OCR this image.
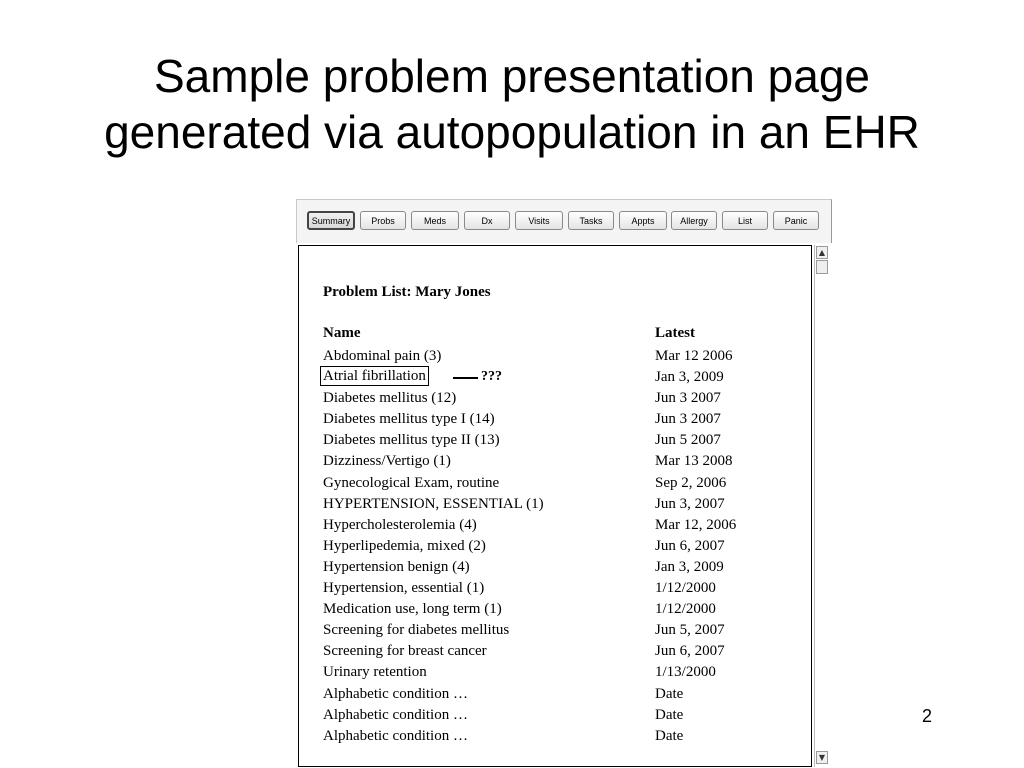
Sample problem presentation page
generated via autopopulation in an EHR
Summary	Probs	Meds	Dx	Visits	Tasks	Appts	Allergy	List	Panic
Problem List: Mary Jones
Name	Latest
Abdominal pain (3)	Mar 12 2006
Atrial fibrillation	???	Jan 3, 2009
Diabetes mellitus (12)	Jun 3 2007
Diabetes mellitus type I (14)	Jun 3 2007
Diabetes mellitus type II (13)	Jun 5 2007
Dizziness/Vertigo (1)	Mar 13 2008
Gynecological Exam, routine	Sep 2, 2006
HYPERTENSION, ESSENTIAL (1)	Jun 3, 2007
Hypercholesterolemia (4)	Mar 12, 2006
Hyperlipedemia, mixed (2)	Jun 6, 2007
Hypertension benign (4)	Jan 3, 2009
Hypertension, essential (1)	1/12/2000
Medication use, long term (1)	1/12/2000
Screening for diabetes mellitus	Jun 5, 2007
Screening for breast cancer	Jun 6, 2007
Urinary retention	1/13/2000
Alphabetic condition …	Date
Alphabetic condition …	Date
Alphabetic condition …	Date
▲
▼
2
